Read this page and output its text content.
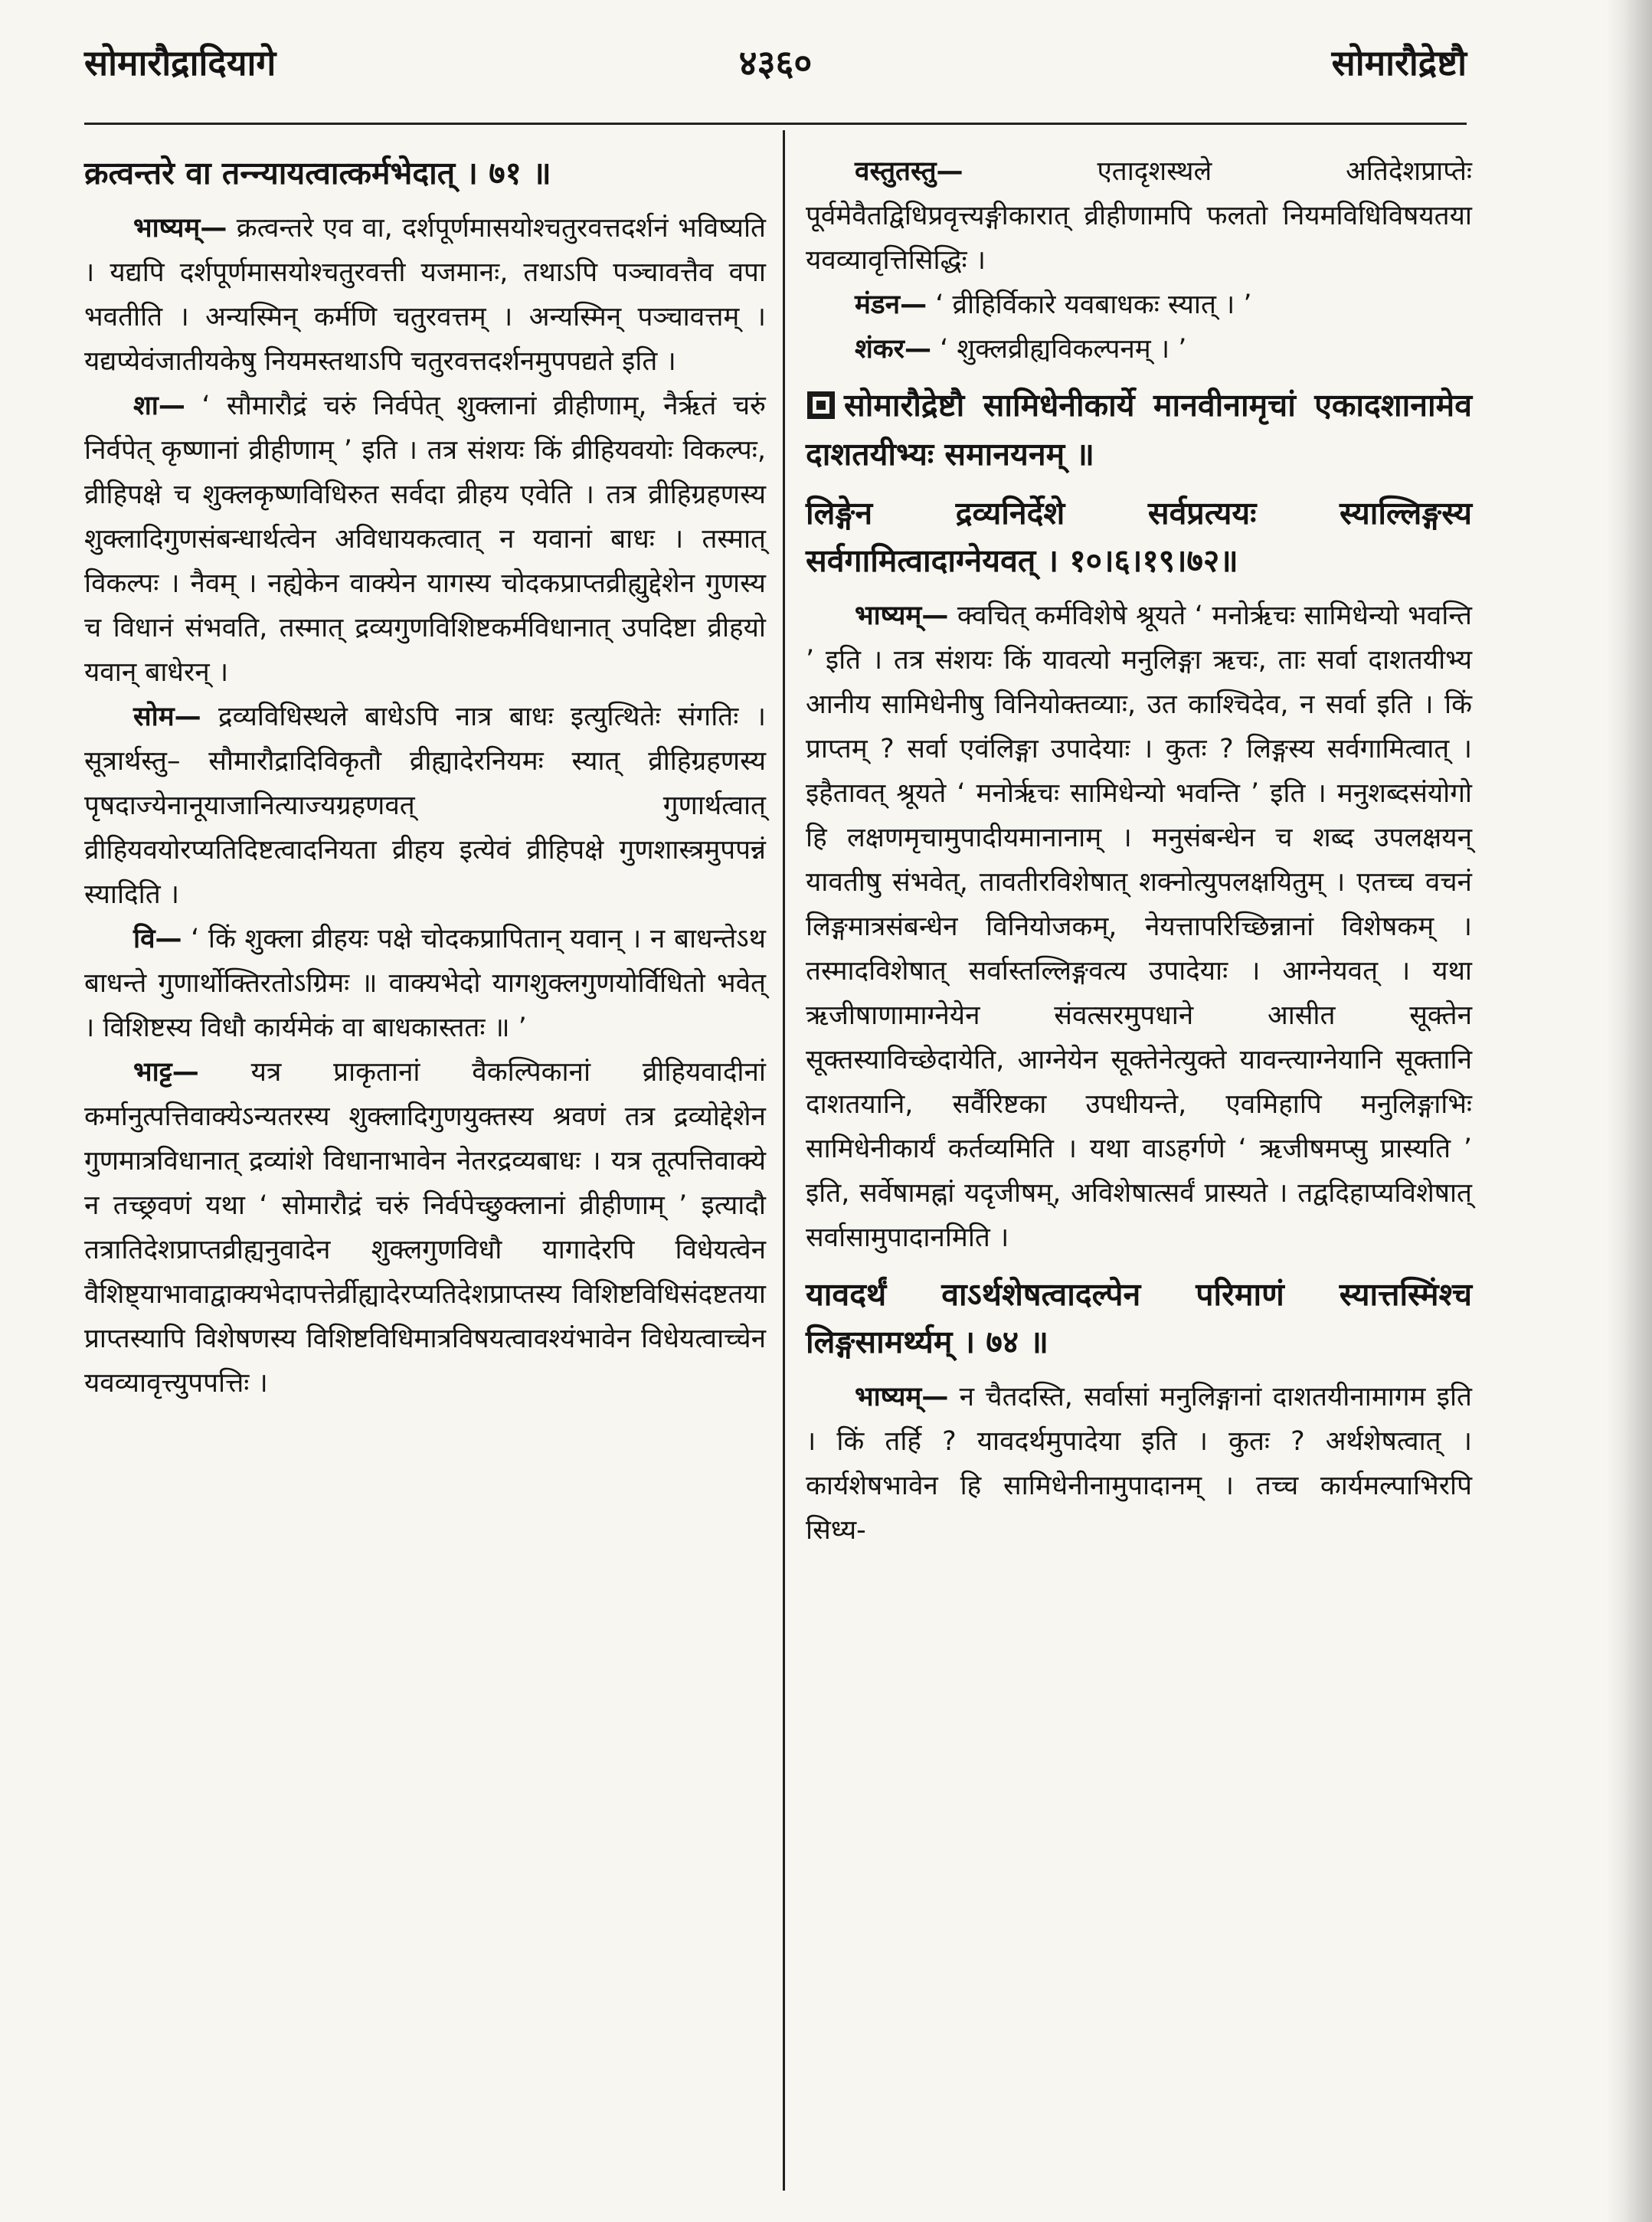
४३६०
सोमारौद्रादियागे	सोमारौद्रेष्टौ
क्रत्वन्तरे वा तन्न्यायत्वात्कर्मभेदात् । ७१ ॥

भाष्यम्— क्रत्वन्तरे एव वा, दर्शपूर्णमासयोश्चतुरवत्तदर्शनं भविष्यति । यद्यपि दर्शपूर्णमासयोश्चतुरवत्ती यजमानः, तथाऽपि पञ्चावत्तैव वपा भवतीति । अन्यस्मिन् कर्मणि चतुरवत्तम् । अन्यस्मिन् पञ्चावत्तम् । यद्यप्येवंजातीयकेषु नियमस्तथाऽपि चतुरवत्तदर्शनमुपपद्यते इति ।

शा— ‘ सौमारौद्रं चरुं निर्वपेत् शुक्लानां व्रीहीणाम्, नैर्ऋतं चरुं निर्वपेत् कृष्णानां व्रीहीणाम् ’ इति । तत्र संशयः किं व्रीहियवयोः विकल्पः, व्रीहिपक्षे च शुक्लकृष्णविधिरुत सर्वदा व्रीहय एवेति । तत्र व्रीहिग्रहणस्य शुक्लादिगुणसंबन्धार्थत्वेन अविधायकत्वात् न यवानां बाधः । तस्मात् विकल्पः । नैवम् । नह्येकेन वाक्येन यागस्य चोदकप्राप्तव्रीह्युद्देशेन गुणस्य च विधानं संभवति, तस्मात् द्रव्यगुणविशिष्टकर्मविधानात् उपदिष्टा व्रीहयो यवान् बाधेरन् ।

सोम— द्रव्यविधिस्थले बाधेऽपि नात्र बाधः इत्युत्थितेः संगतिः । सूत्रार्थस्तु– सौमारौद्रादिविकृतौ व्रीह्यादेरनियमः स्यात् व्रीहिग्रहणस्य पृषदाज्येनानूयाजानित्याज्यग्रहणवत् गुणार्थत्वात् व्रीहियवयोरप्यतिदिष्टत्वादनियता व्रीहय इत्येवं व्रीहिपक्षे गुणशास्त्रमुपपन्नं स्यादिति ।

वि— ‘ किं शुक्ला व्रीहयः पक्षे चोदकप्रापितान् यवान् । न बाधन्तेऽथ बाधन्ते गुणार्थोक्तिरतोऽग्रिमः ॥ वाक्यभेदो यागशुक्लगुणयोर्विधितो भवेत् । विशिष्टस्य विधौ कार्यमेकं वा बाधकास्ततः ॥ ’

भाट्ट— यत्र प्राकृतानां वैकल्पिकानां व्रीहियवादीनां कर्मानुत्पत्तिवाक्येऽन्यतरस्य शुक्लादिगुणयुक्तस्य श्रवणं तत्र द्रव्योद्देशेन गुणमात्रविधानात् द्रव्यांशे विधानाभावेन नेतरद्रव्यबाधः । यत्र तूत्पत्तिवाक्ये न तच्छ्रवणं यथा ‘ सोमारौद्रं चरुं निर्वपेच्छुक्लानां व्रीहीणाम् ’ इत्यादौ तत्रातिदेशप्राप्तव्रीह्यनुवादेन शुक्लगुणविधौ यागादेरपि विधेयत्वेन वैशिष्ट्याभावाद्वाक्यभेदापत्तेर्व्रीह्यादेरप्यतिदेशप्राप्तस्य विशिष्टविधिसंदष्टतया प्राप्तस्यापि विशेषणस्य विशिष्टविधिमात्रविषयत्वावश्यंभावेन विधेयत्वाच्चेन यवव्यावृत्त्युपपत्तिः ।

वस्तुतस्तु—	एतादृशस्थले अतिदेशप्राप्तेः पूर्वमेवैतद्विधिप्रवृत्त्यङ्गीकारात् व्रीहीणामपि फलतो नियमविधिविषयतया यवव्यावृत्तिसिद्धिः ।

मंडन— ‘ व्रीहिर्विकारे यवबाधकः स्यात् । ’

शंकर— ‘ शुक्लव्रीह्यविकल्पनम् । ’

सोमारौद्रेष्टौ सामिधेनीकार्ये मानवीनामृचां एकादशानामेव दाशतयीभ्यः समानयनम् ॥
लिङ्गेन द्रव्यनिर्देशे सर्वप्रत्ययः स्याल्लिङ्गस्य सर्वगामित्वादाग्नेयवत् । १०।६।१९।७२॥

भाष्यम्— क्वचित् कर्मविशेषे श्रूयते ‘ मनोर्ऋचः सामिधेन्यो भवन्ति ’ इति । तत्र संशयः किं यावत्यो मनुलिङ्गा ऋचः, ताः सर्वा दाशतयीभ्य आनीय सामिधेनीषु विनियोक्तव्याः, उत काश्चिदेव, न सर्वा इति । किं प्राप्तम् ? सर्वा एवंलिङ्गा उपादेयाः । कुतः ? लिङ्गस्य सर्वगामित्वात् । इहैतावत् श्रूयते ‘ मनोर्ऋचः सामिधेन्यो भवन्ति ’ इति । मनुशब्दसंयोगो हि लक्षणमृचामुपादीयमानानाम् । मनुसंबन्धेन च शब्द उपलक्षयन् यावतीषु संभवेत्, तावतीरविशेषात् शक्नोत्युपलक्षयितुम् । एतच्च वचनं लिङ्गमात्रसंबन्धेन विनियोजकम्, नेयत्तापरिच्छिन्नानां विशेषकम् । तस्मादविशेषात् सर्वास्तल्लिङ्गवत्य उपादेयाः । आग्नेयवत् । यथा ऋजीषाणामाग्नेयेन संवत्सरमुपधाने आसीत सूक्तेन सूक्तस्याविच्छेदायेति, आग्नेयेन सूक्तेनेत्युक्ते यावन्त्याग्नेयानि सूक्तानि दाशतयानि, सर्वैरिष्टका उपधीयन्ते, एवमिहापि मनुलिङ्गाभिः सामिधेनीकार्यं कर्तव्यमिति । यथा वाऽहर्गणे ‘ ऋजीषमप्सु प्रास्यति ’ इति, सर्वेषामह्नां यदृजीषम्, अविशेषात्सर्वं प्रास्यते । तद्वदिहाप्यविशेषात् सर्वासामुपादानमिति ।

यावदर्थं वाऽर्थशेषत्वादल्पेन परिमाणं स्यात्तस्मिंश्च लिङ्गसामर्थ्यम् । ७४ ॥

भाष्यम्— न चैतदस्ति, सर्वासां मनुलिङ्गानां दाशतयीनामागम इति । किं तर्हि ? यावदर्थमुपादेया इति । कुतः ? अर्थशेषत्वात् । कार्यशेषभावेन हि सामिधेनीनामुपादानम् । तच्च कार्यमल्पाभिरपि सिध्य-
